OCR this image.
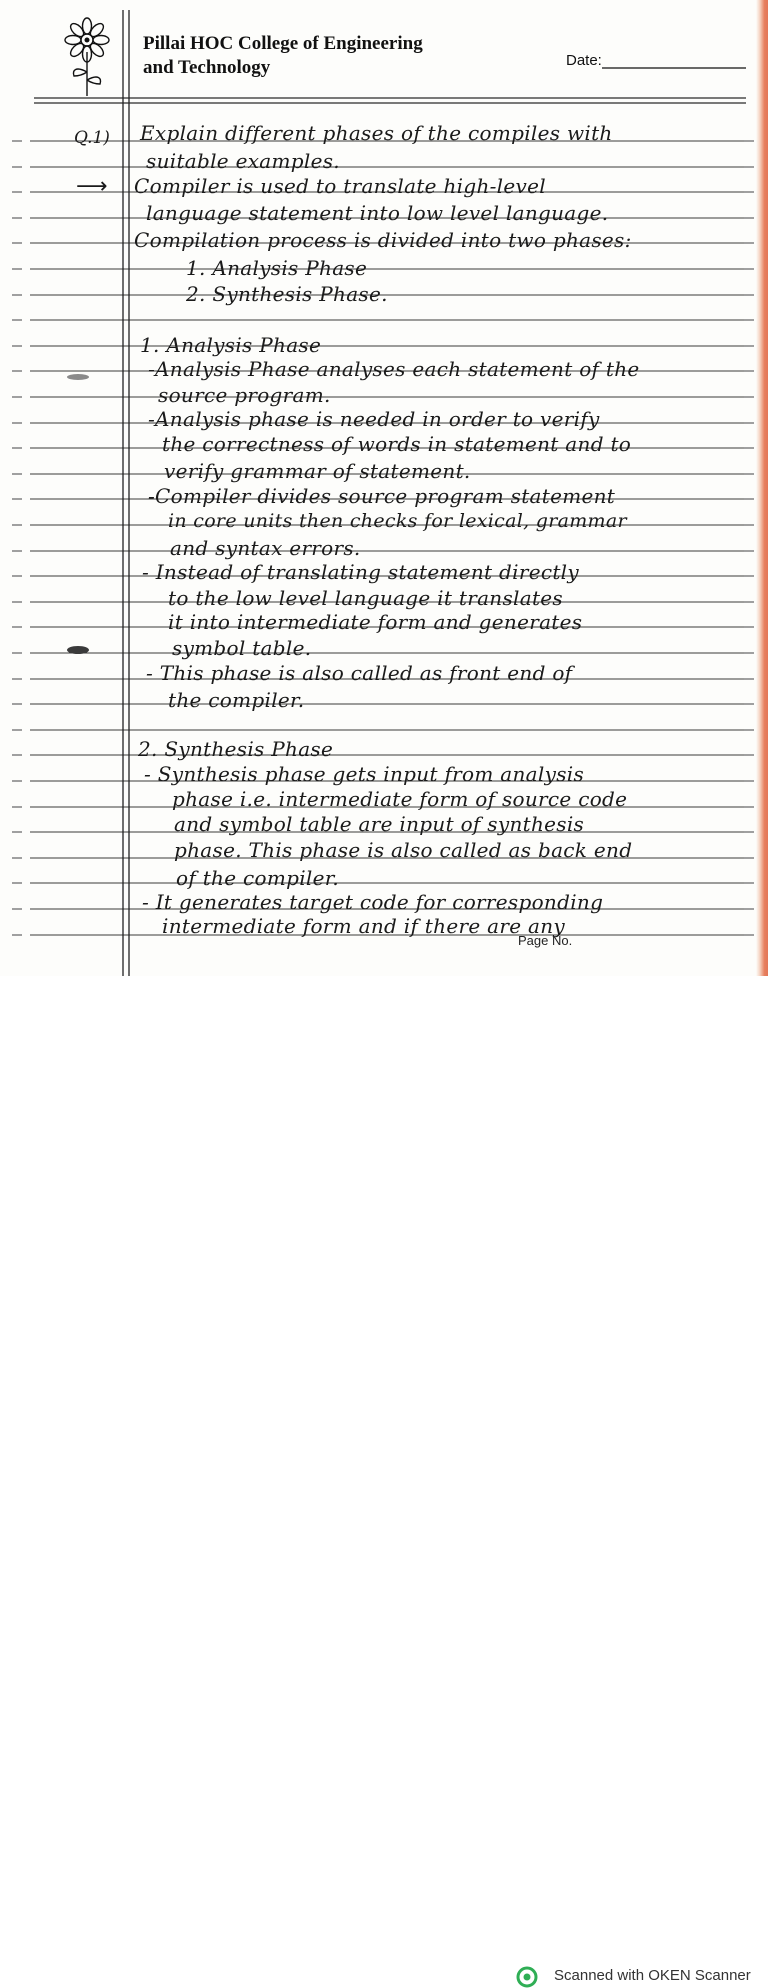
Pillai HOC College of Engineering
and Technology	Date:
Q.1)
⟶

Explain different phases of the compiles with

suitable examples.

Compiler is used to translate high-level

language statement into low level language.

Compilation process is divided into two phases:

1. Analysis Phase

2. Synthesis Phase.

1. Analysis Phase

-Analysis Phase analyses each statement of the

source program.

-Analysis phase is needed in order to verify

the correctness of words in statement and to

verify grammar of statement.

-Compiler divides source program statement

in core units then checks for lexical, grammar

and syntax errors.

- Instead of translating statement directly

to the low level language it translates

it into intermediate form and generates

symbol table.

- This phase is also called as front end of

the compiler.

2. Synthesis Phase

- Synthesis phase gets input from analysis

phase i.e. intermediate form of source code

and symbol table are input of synthesis

phase. This phase is also called as back end

of the compiler.

- It generates target code for corresponding

intermediate form and if there are any

Page No.
Scanned with OKEN Scanner
